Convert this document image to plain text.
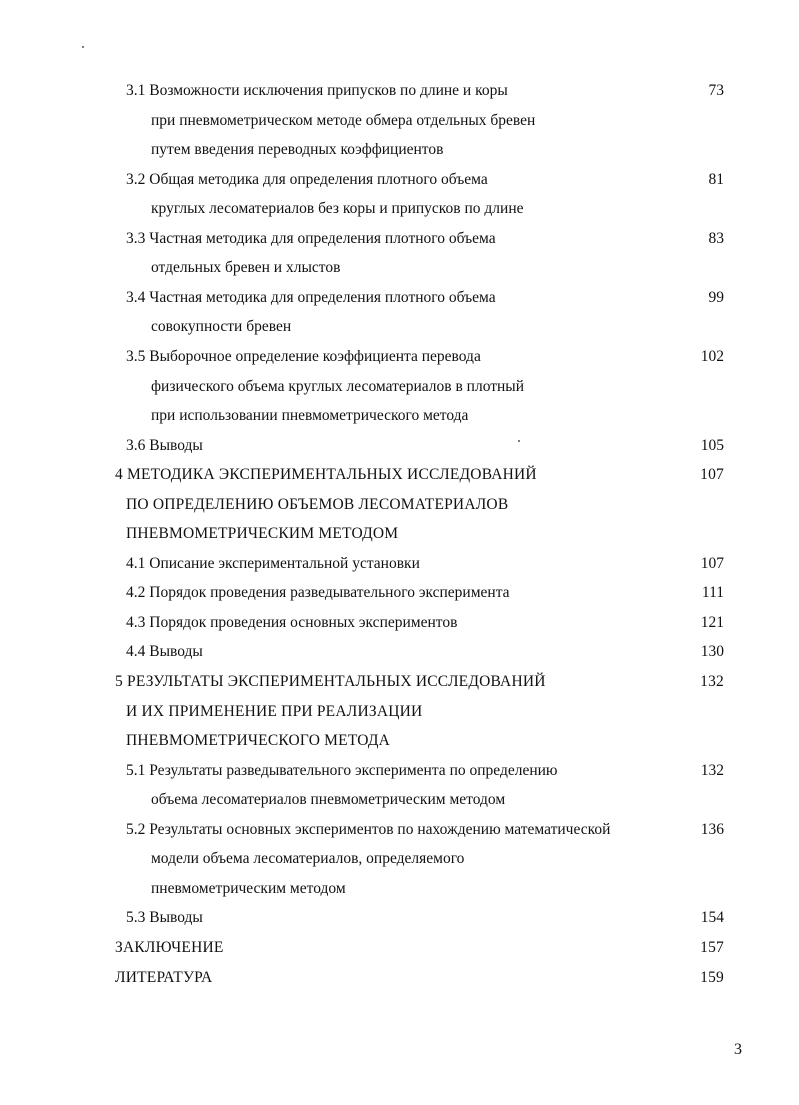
3.1 Возможности исключения припусков по длине и коры	73
при пневмометрическом методе обмера отдельных бревен
путем введения переводных коэффициентов
3.2 Общая методика для определения плотного объема	81
круглых лесоматериалов без коры и припусков по длине
3.3 Частная методика для определения плотного объема	83
отдельных бревен и хлыстов
3.4 Частная методика для определения плотного объема	99
совокупности бревен
3.5 Выборочное определение коэффициента перевода	102
физического объема круглых лесоматериалов в плотный
при использовании пневмометрического метода
3.6 Выводы	105
4 МЕТОДИКА ЭКСПЕРИМЕНТАЛЬНЫХ ИССЛЕДОВАНИЙ	107
ПО ОПРЕДЕЛЕНИЮ ОБЪЕМОВ ЛЕСОМАТЕРИАЛОВ
ПНЕВМОМЕТРИЧЕСКИМ МЕТОДОМ
4.1 Описание экспериментальной установки	107
4.2 Порядок проведения разведывательного эксперимента	111
4.3 Порядок проведения основных экспериментов	121
4.4 Выводы	130
5 РЕЗУЛЬТАТЫ ЭКСПЕРИМЕНТАЛЬНЫХ ИССЛЕДОВАНИЙ	132
И ИХ ПРИМЕНЕНИЕ ПРИ РЕАЛИЗАЦИИ
ПНЕВМОМЕТРИЧЕСКОГО МЕТОДА
5.1 Результаты разведывательного эксперимента по определению	132
объема лесоматериалов пневмометрическим методом
5.2 Результаты основных экспериментов по нахождению математической	136
модели объема лесоматериалов, определяемого
пневмометрическим методом
5.3 Выводы	154
ЗАКЛЮЧЕНИЕ	157
ЛИТЕРАТУРА	159
3
